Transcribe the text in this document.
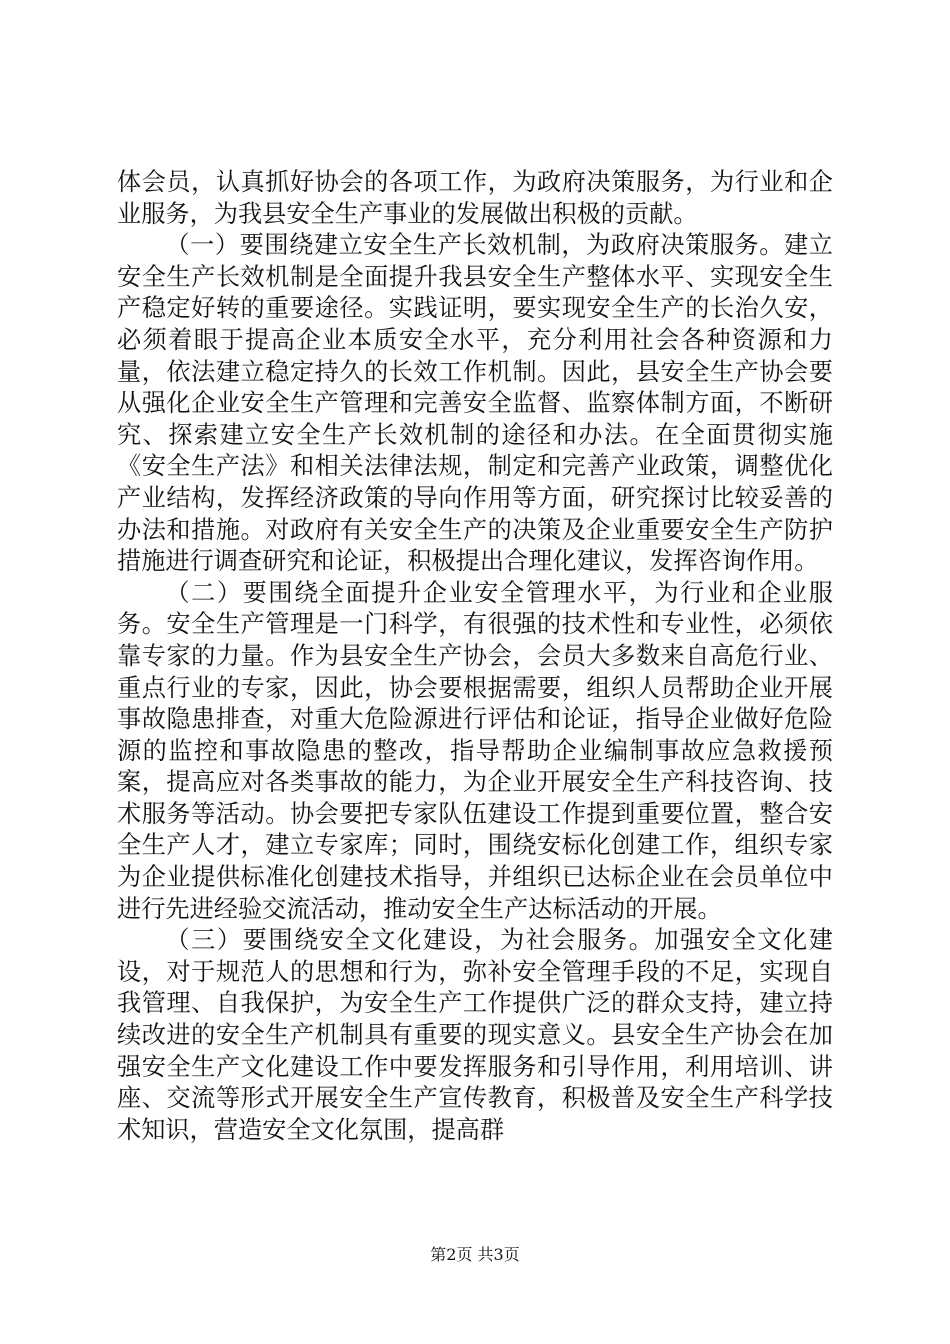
体会员，认真抓好协会的各项工作，为政府决策服务，为行业和企业服务，为我县安全生产事业的发展做出积极的贡献。

（一）要围绕建立安全生产长效机制，为政府决策服务。建立安全生产长效机制是全面提升我县安全生产整体水平、实现安全生产稳定好转的重要途径。实践证明，要实现安全生产的长治久安，必须着眼于提高企业本质安全水平，充分利用社会各种资源和力量，依法建立稳定持久的长效工作机制。因此，县安全生产协会要从强化企业安全生产管理和完善安全监督、监察体制方面，不断研究、探索建立安全生产长效机制的途径和办法。在全面贯彻实施《安全生产法》和相关法律法规，制定和完善产业政策，调整优化产业结构，发挥经济政策的导向作用等方面，研究探讨比较妥善的办法和措施。对政府有关安全生产的决策及企业重要安全生产防护措施进行调查研究和论证，积极提出合理化建议，发挥咨询作用。

（二）要围绕全面提升企业安全管理水平，为行业和企业服务。安全生产管理是一门科学，有很强的技术性和专业性，必须依靠专家的力量。作为县安全生产协会，会员大多数来自高危行业、重点行业的专家，因此，协会要根据需要，组织人员帮助企业开展事故隐患排查，对重大危险源进行评估和论证，指导企业做好危险源的监控和事故隐患的整改，指导帮助企业编制事故应急救援预案，提高应对各类事故的能力，为企业开展安全生产科技咨询、技术服务等活动。协会要把专家队伍建设工作提到重要位置，整合安全生产人才，建立专家库；同时，围绕安标化创建工作，组织专家为企业提供标准化创建技术指导，并组织已达标企业在会员单位中进行先进经验交流活动，推动安全生产达标活动的开展。

（三）要围绕安全文化建设，为社会服务。加强安全文化建设，对于规范人的思想和行为，弥补安全管理手段的不足，实现自我管理、自我保护，为安全生产工作提供广泛的群众支持，建立持续改进的安全生产机制具有重要的现实意义。县安全生产协会在加强安全生产文化建设工作中要发挥服务和引导作用，利用培训、讲座、交流等形式开展安全生产宣传教育，积极普及安全生产科学技术知识，营造安全文化氛围，提高群

第2页 共3页
